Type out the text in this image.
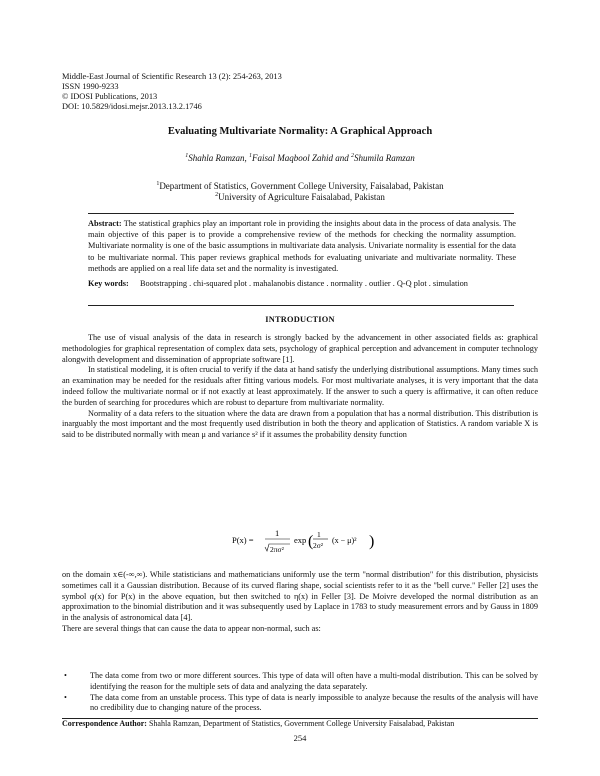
Middle-East Journal of Scientific Research 13 (2): 254-263, 2013
ISSN 1990-9233
© IDOSI Publications, 2013
DOI: 10.5829/idosi.mejsr.2013.13.2.1746
Evaluating Multivariate Normality: A Graphical Approach
$^1$Shahla Ramzan, $^1$Faisal Maqbool Zahid and $^2$Shumila Ramzan
$^1$Department of Statistics, Government College University, Faisalabad, Pakistan
$^2$University of Agriculture Faisalabad, Pakistan
Abstract: The statistical graphics play an important role in providing the insights about data in the process of data analysis. The main objective of this paper is to provide a comprehensive review of the methods for checking the normality assumption. Multivariate normality is one of the basic assumptions in multivariate data analysis. Univariate normality is essential for the data to be multivariate normal. This paper reviews graphical methods for evaluating univariate and multivariate normality. These methods are applied on a real life data set and the normality is investigated.
Key words: Bootstrapping . chi-squared plot . mahalanobis distance . normality . outlier . Q-Q plot . simulation
INTRODUCTION

The use of visual analysis of the data in research is strongly backed by the advancement in other associated fields as: graphical methodologies for graphical representation of complex data sets, psychology of graphical perception and advancement in computer technology alongwith development and dissemination of appropriate software [1].

In statistical modeling, it is often crucial to verify if the data at hand satisfy the underlying distributional assumptions. Many times such an examination may be needed for the residuals after fitting various models. For most multivariate analyses, it is very important that the data indeed follow the multivariate normal or if not exactly at least approximately. If the answer to such a query is affirmative, it can often reduce the burden of searching for procedures which are robust to departure from multivariate normality.

Normality of a data refers to the situation where the data are drawn from a population that has a normal distribution. This distribution is inarguably the most important and the most frequently used distribution in both the theory and application of Statistics. A random variable X is said to be distributed normally with mean μ and variance s² if it assumes the probability density function

P(x) =
1
2πσ²
exp ( 1
2σ²
(x − μ)² )

on the domain x∈(-∞,∞). While statisticians and mathematicians uniformly use the term "normal distribution" for this distribution, physicists sometimes call it a Gaussian distribution. Because of its curved flaring shape, social scientists refer to it as the "bell curve." Feller [2] uses the symbol φ(x) for P(x) in the above equation, but then switched to η(x) in Feller [3]. De Moivre developed the normal distribution as an approximation to the binomial distribution and it was subsequently used by Laplace in 1783 to study measurement errors and by Gauss in 1809 in the analysis of astronomical data [4].

There are several things that can cause the data to appear non-normal, such as:

•	The data come from two or more different sources. This type of data will often have a multi-modal distribution. This can be solved by identifying the reason for the multiple sets of data and analyzing the data separately.
•	The data come from an unstable process. This type of data is nearly impossible to analyze because the results of the analysis will have no credibility due to changing nature of the process.
Correspondence Author: Shahla Ramzan, Department of Statistics, Government College University Faisalabad, Pakistan
254
